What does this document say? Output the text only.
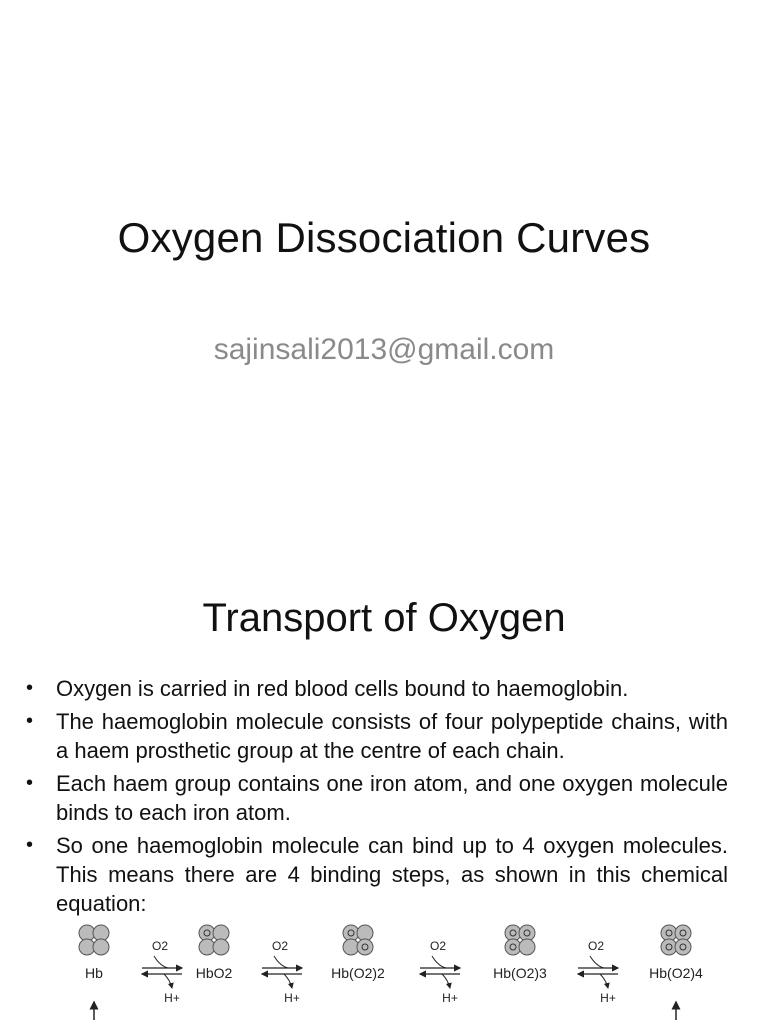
Oxygen Dissociation Curves

sajinsali2013@gmail.com

Transport of Oxygen
• Oxygen is carried in red blood cells bound to haemoglobin.
• The haemoglobin molecule consists of four polypeptide chains, with a haem prosthetic group at the centre of each chain.
• Each haem group contains one iron atom, and one oxygen molecule binds to each iron atom.
• So one haemoglobin molecule can bind up to 4 oxygen molecules. This means there are 4 binding steps, as shown in this chemical equation:
Hb
O2
H+
HbO2
O2
H+
Hb(O2)2
O2
H+
Hb(O2)3
O2
H+
Hb(O2)4
